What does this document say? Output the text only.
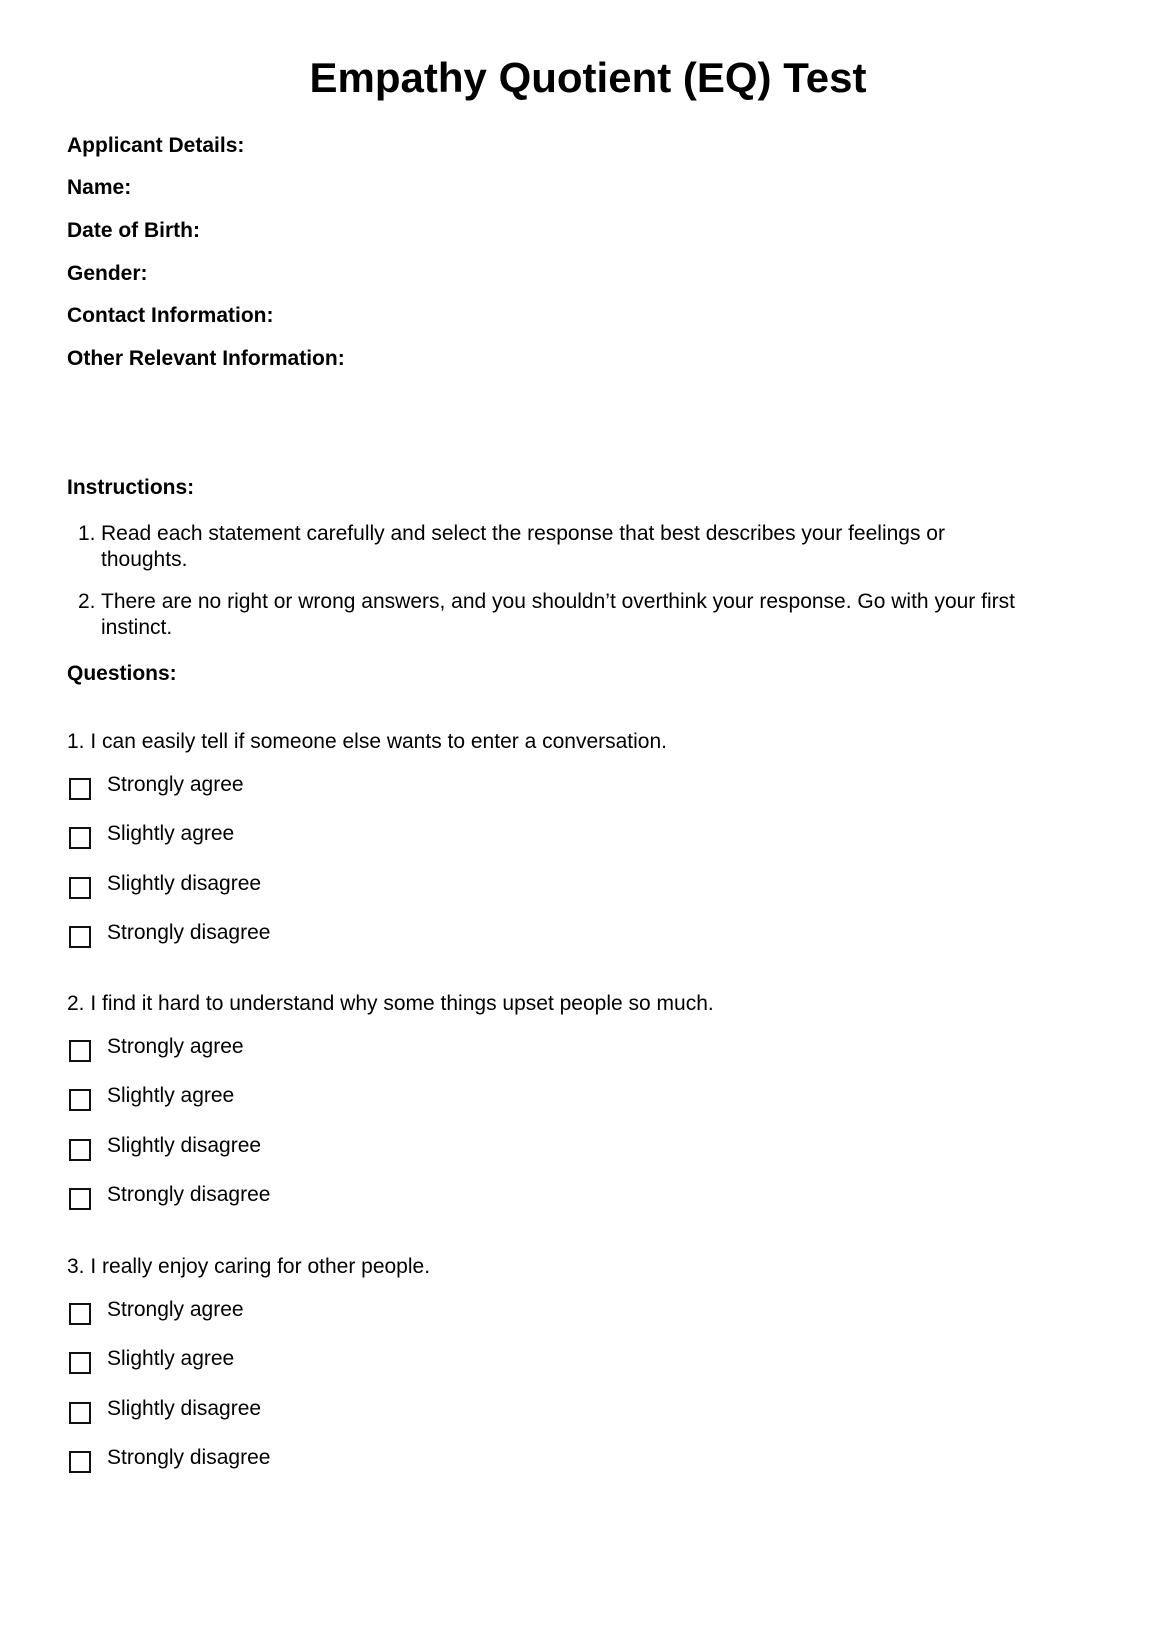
Empathy Quotient (EQ) Test
Applicant Details:
Name:
Date of Birth:
Gender:
Contact Information:
Other Relevant Information:
Instructions:
1. Read each statement carefully and select the response that best describes your feelings or
thoughts.
2. There are no right or wrong answers, and you shouldn’t overthink your response. Go with your first
instinct.
Questions:
1. I can easily tell if someone else wants to enter a conversation.
Strongly agree
Slightly agree
Slightly disagree
Strongly disagree
2. I find it hard to understand why some things upset people so much.
Strongly agree
Slightly agree
Slightly disagree
Strongly disagree
3. I really enjoy caring for other people.
Strongly agree
Slightly agree
Slightly disagree
Strongly disagree
